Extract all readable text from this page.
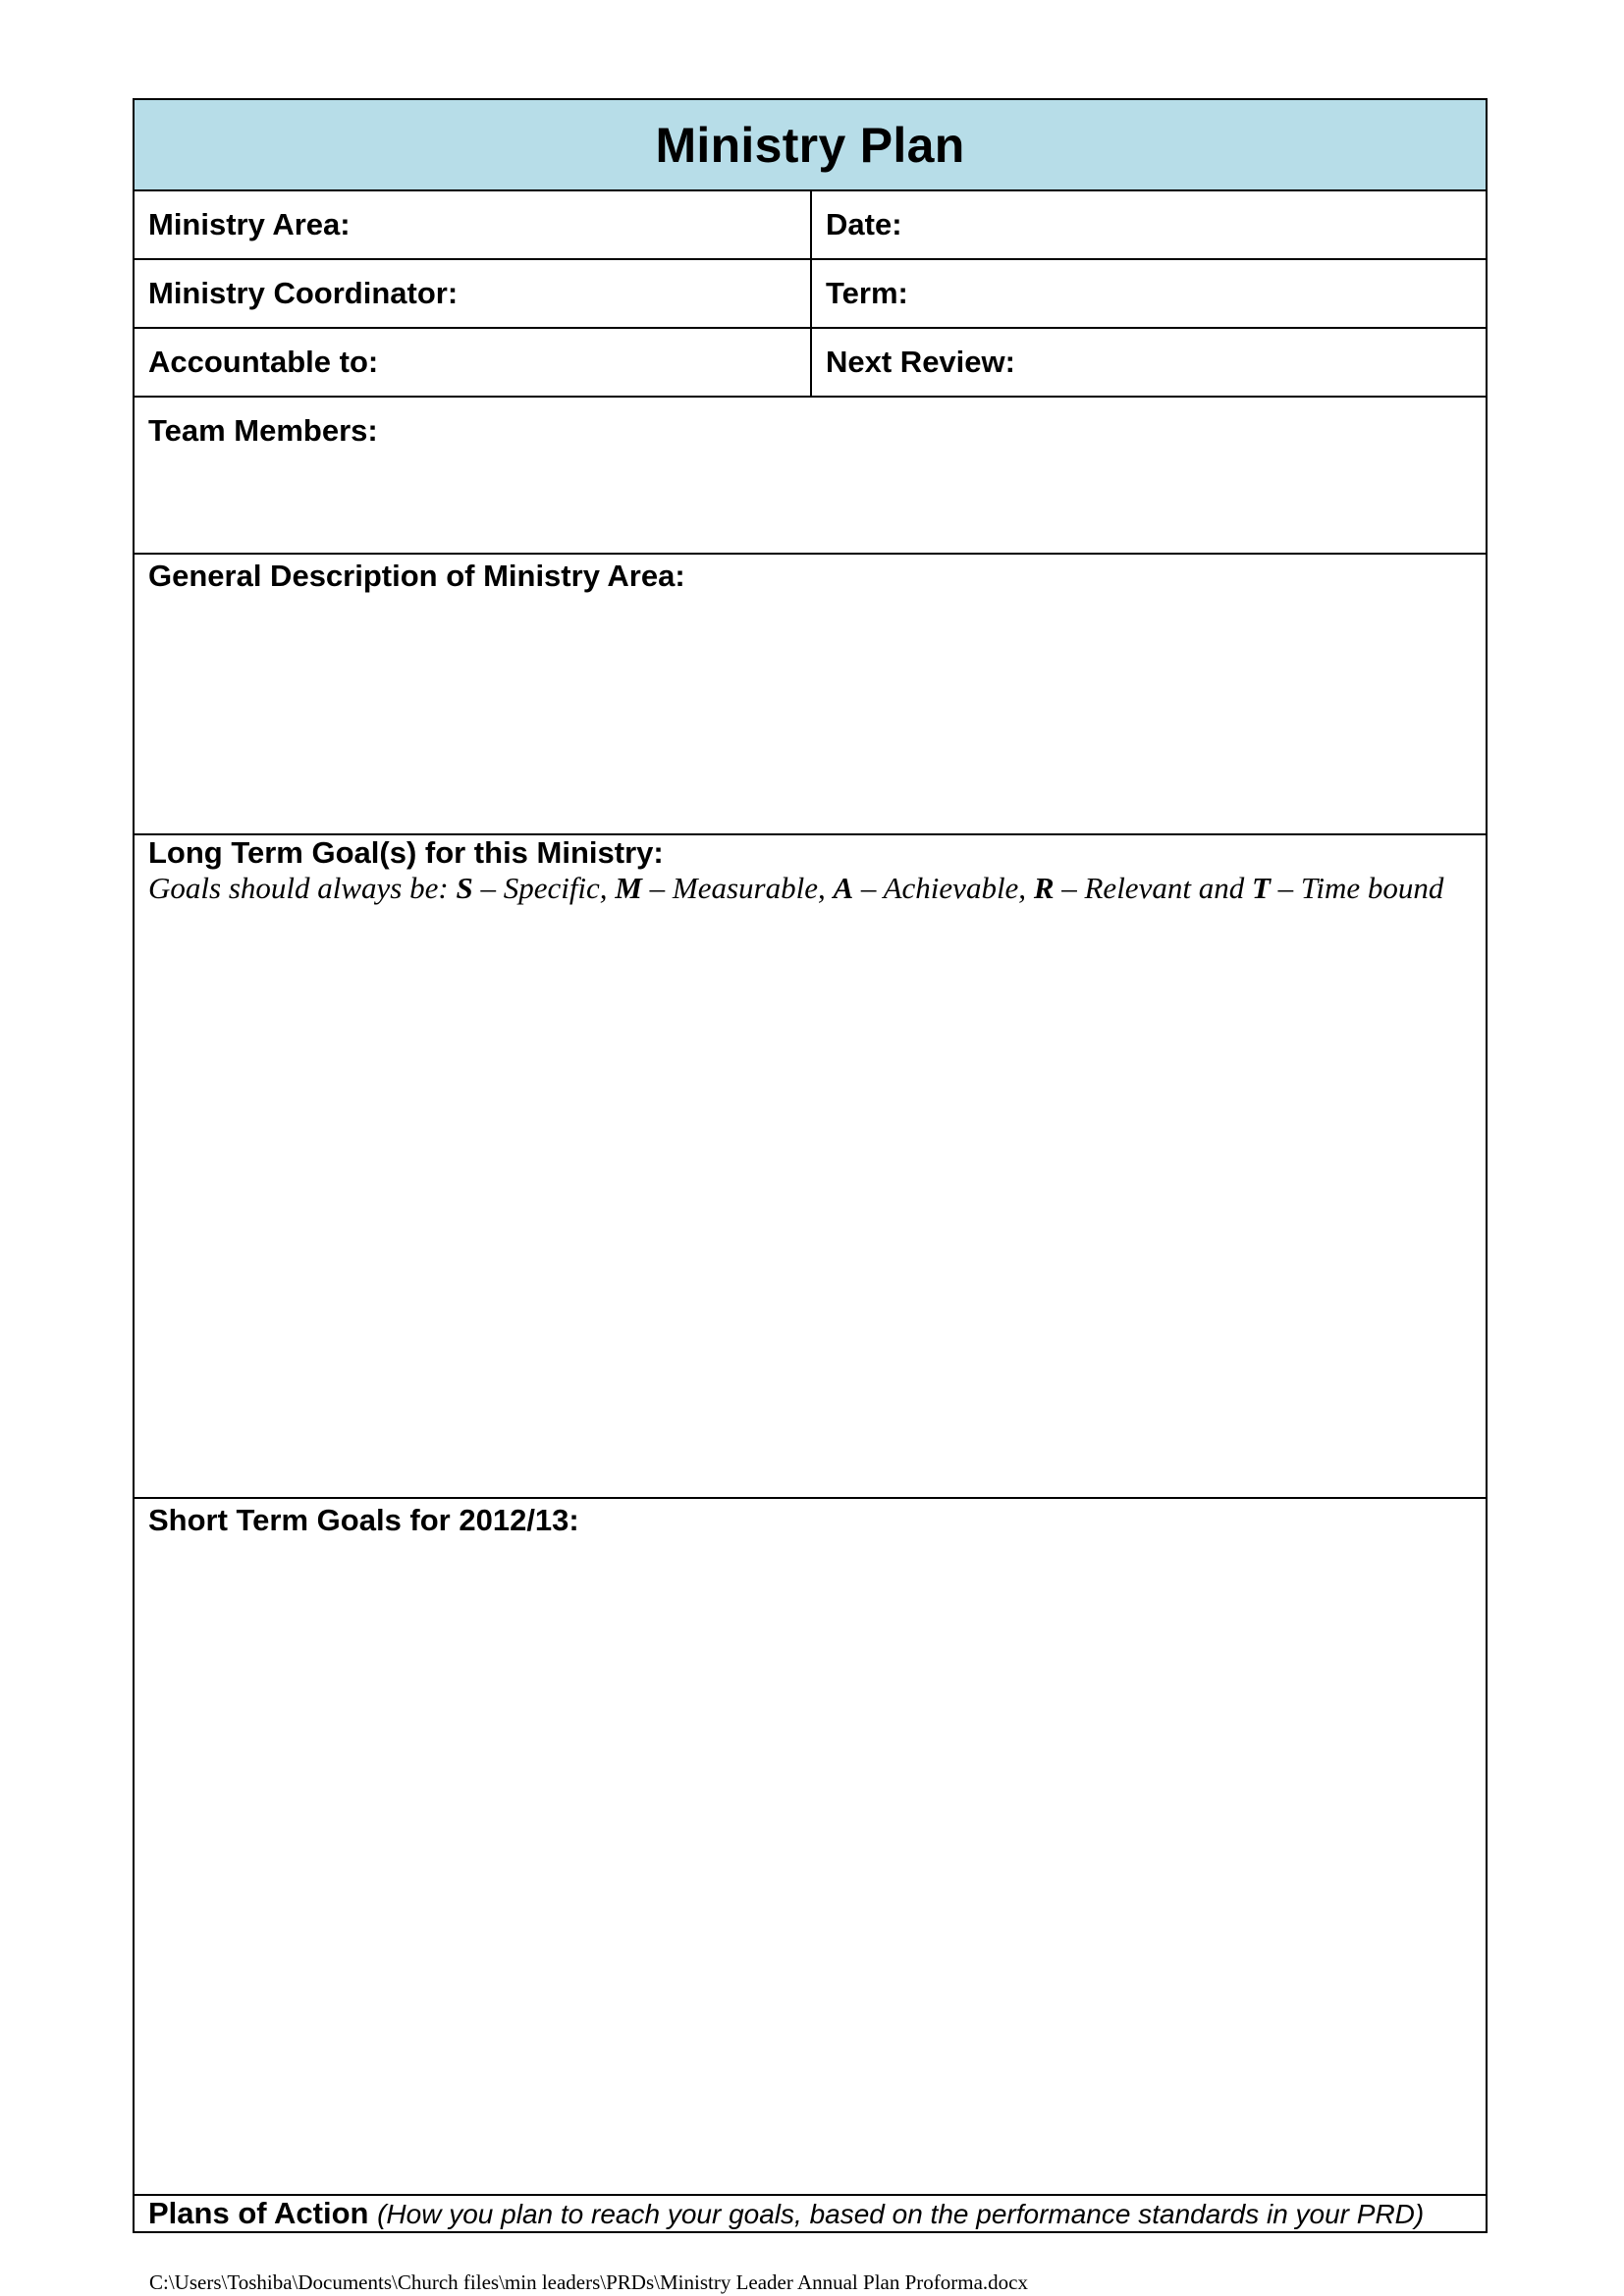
Ministry Plan
Ministry Area:	Date:
Ministry Coordinator:	Term:
Accountable to:	Next Review:
Team Members:
General Description of Ministry Area:
Long Term Goal(s) for this Ministry:
Goals should always be: S – Specific, M – Measurable, A – Achievable, R – Relevant and T – Time bound
Short Term Goals for 2012/13:
Plans of Action (How you plan to reach your goals, based on the performance standards in your PRD)
C:\Users\Toshiba\Documents\Church files\min leaders\PRDs\Ministry Leader Annual Plan Proforma.docx
